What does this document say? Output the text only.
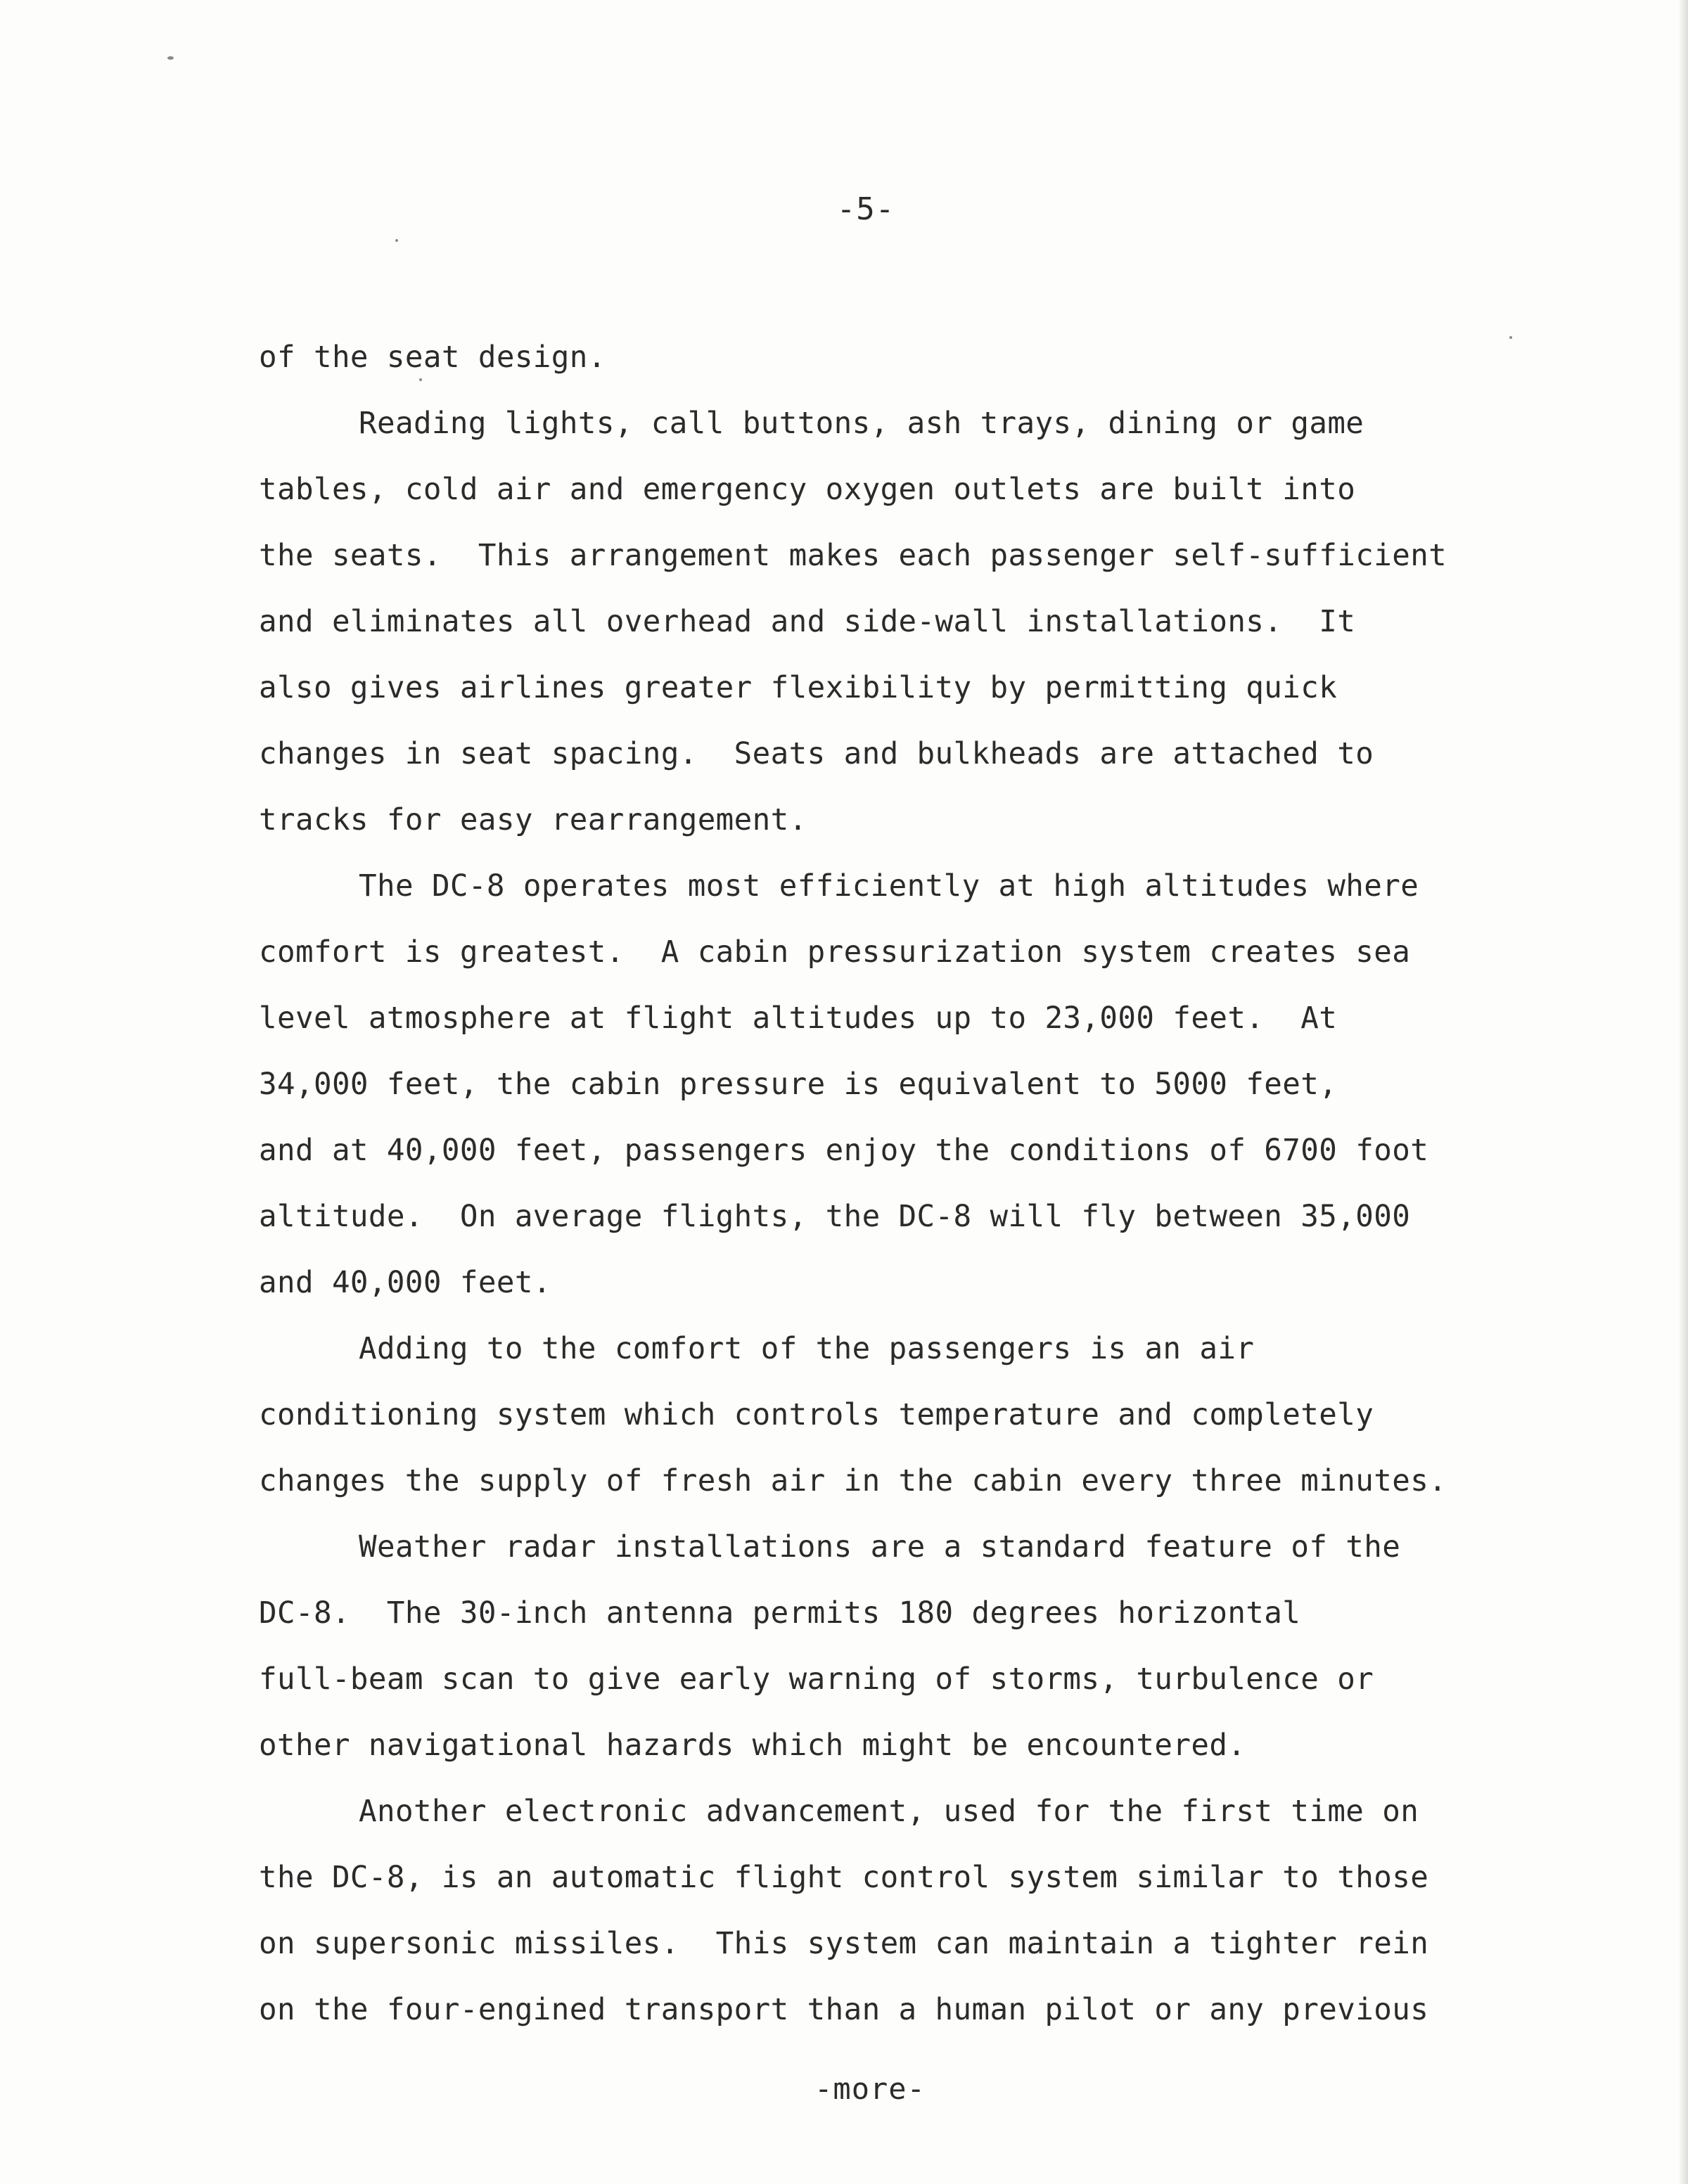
-5-
of the seat design.
Reading lights, call buttons, ash trays, dining or game
tables, cold air and emergency oxygen outlets are built into
the seats.  This arrangement makes each passenger self-sufficient
and eliminates all overhead and side-wall installations.  It
also gives airlines greater flexibility by permitting quick
changes in seat spacing.  Seats and bulkheads are attached to
tracks for easy rearrangement.
The DC-8 operates most efficiently at high altitudes where
comfort is greatest.  A cabin pressurization system creates sea
level atmosphere at flight altitudes up to 23,000 feet.  At
34,000 feet, the cabin pressure is equivalent to 5000 feet,
and at 40,000 feet, passengers enjoy the conditions of 6700 foot
altitude.  On average flights, the DC-8 will fly between 35,000
and 40,000 feet.
Adding to the comfort of the passengers is an air
conditioning system which controls temperature and completely
changes the supply of fresh air in the cabin every three minutes.
Weather radar installations are a standard feature of the
DC-8.  The 30-inch antenna permits 180 degrees horizontal
full-beam scan to give early warning of storms, turbulence or
other navigational hazards which might be encountered.
Another electronic advancement, used for the first time on
the DC-8, is an automatic flight control system similar to those
on supersonic missiles.  This system can maintain a tighter rein
on the four-engined transport than a human pilot or any previous
-more-
